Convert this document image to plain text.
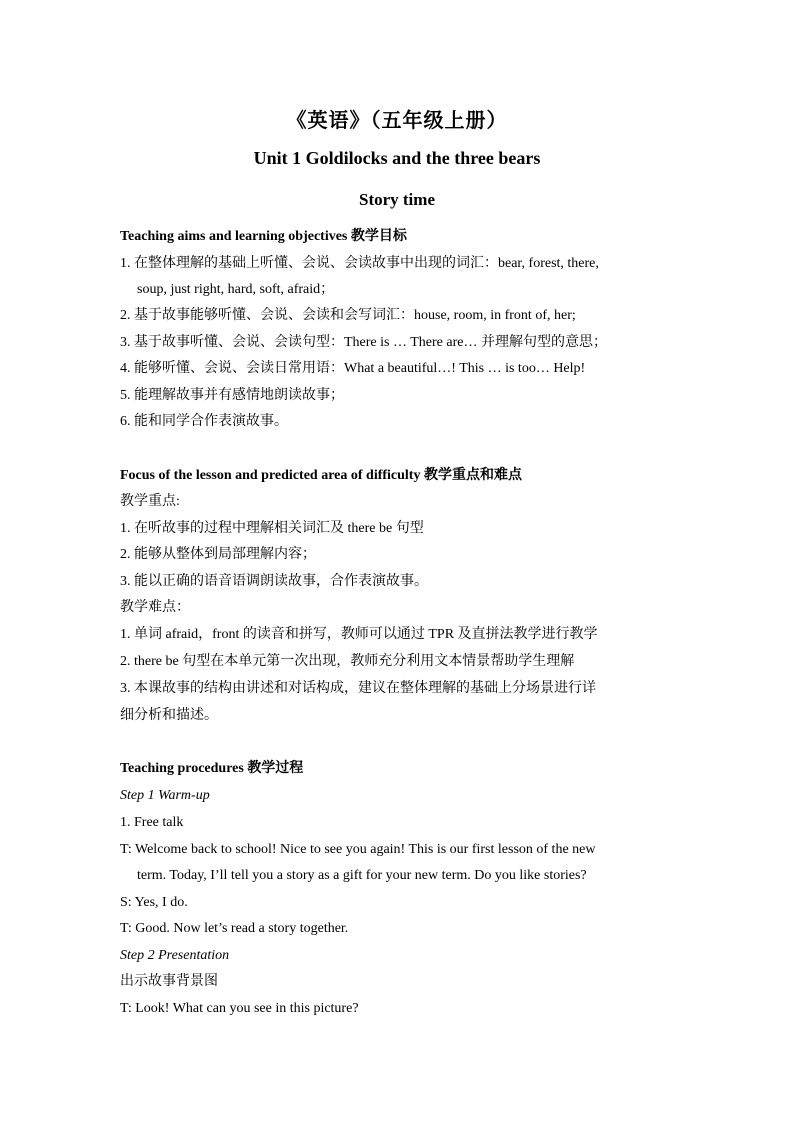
《英语》（五年级上册）
Unit 1 Goldilocks and the three bears
Story time
Teaching aims and learning objectives 教学目标
1. 在整体理解的基础上听懂、会说、会读故事中出现的词汇：bear, forest, there,
soup, just right, hard, soft, afraid；
2. 基于故事能够听懂、会说、会读和会写词汇：house, room, in front of, her;
3. 基于故事听懂、会说、会读句型：There is … There are… 并理解句型的意思；
4. 能够听懂、会说、会读日常用语：What a beautiful…! This … is too… Help!
5. 能理解故事并有感情地朗读故事；
6. 能和同学合作表演故事。
Focus of the lesson and predicted area of difficulty 教学重点和难点
教学重点:
1. 在听故事的过程中理解相关词汇及 there be 句型
2. 能够从整体到局部理解内容；
3. 能以正确的语音语调朗读故事，合作表演故事。
教学难点：
1. 单词 afraid，front 的读音和拼写，教师可以通过 TPR 及直拼法教学进行教学
2. there be 句型在本单元第一次出现，教师充分利用文本情景帮助学生理解
3. 本课故事的结构由讲述和对话构成，建议在整体理解的基础上分场景进行详
细分析和描述。
Teaching procedures 教学过程
Step 1 Warm-up
1. Free talk
T: Welcome back to school! Nice to see you again! This is our first lesson of the new
term. Today, I’ll tell you a story as a gift for your new term. Do you like stories?
S: Yes, I do.
T: Good. Now let’s read a story together.
Step 2 Presentation
出示故事背景图
T: Look! What can you see in this picture?
